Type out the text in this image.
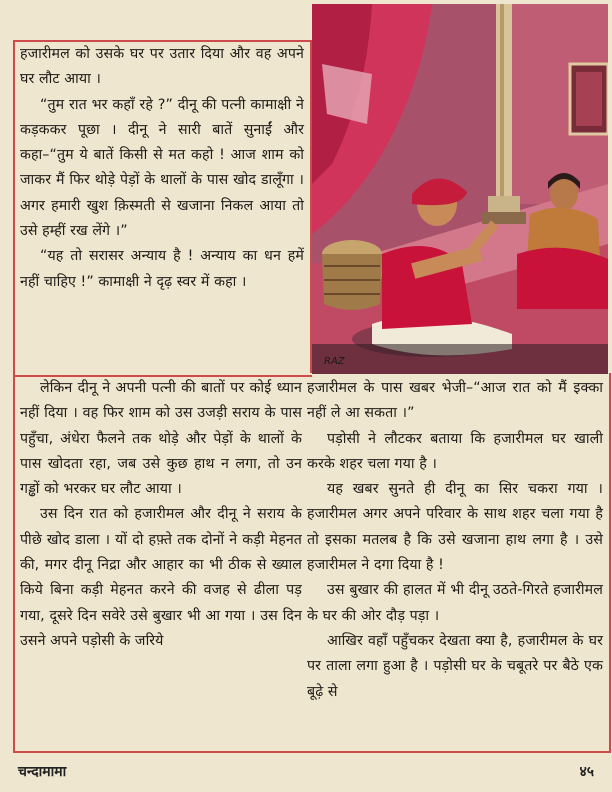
RAZ

हजारीमल को उसके घर पर उतार दिया और वह अपने घर लौट आया ।

“तुम रात भर कहाँ रहे ?” दीनू की पत्नी कामाक्षी ने कड़ककर पूछा । दीनू ने सारी बातें सुनाईं और कहा–“तुम ये बातें किसी से मत कहो ! आज शाम को जाकर मैं फिर थोड़े पेड़ों के थालों के पास खोद डालूँगा । अगर हमारी खुश क़िस्मती से खजाना निकल आया तो उसे हम्हीं रख लेंगे ।”

“यह तो सरासर अन्याय है ! अन्याय का धन हमें नहीं चाहिए !” कामाक्षी ने दृढ़ स्वर में कहा ।

लेकिन दीनू ने अपनी पत्नी की बातों पर कोई ध्यान नहीं दिया । वह फिर शाम को उस उजड़ी सराय के पास पहुँचा, अंधेरा फैलने तक थोड़े और पेड़ों के थालों के पास खोदता रहा, जब उसे कुछ हाथ न लगा, तो उन गड्ढों को भरकर घर लौट आया ।

उस दिन रात को हजारीमल और दीनू ने सराय के पीछे खोद डाला । यों दो हफ़्ते तक दोनों ने कड़ी मेहनत की, मगर दीनू निद्रा और आहार का भी ठीक से ख्याल किये बिना कड़ी मेहनत करने की वजह से ढीला पड़ गया, दूसरे दिन सवेरे उसे बुखार भी आ गया । उस दिन उसने अपने पड़ोसी के जरिये

हजारीमल के पास खबर भेजी–“आज रात को मैं इक्का नहीं ले आ सकता ।”

पड़ोसी ने लौटकर बताया कि हजारीमल घर खाली करके शहर चला गया है ।

यह खबर सुनते ही दीनू का सिर चकरा गया । हजारीमल अगर अपने परिवार के साथ शहर चला गया है तो इसका मतलब है कि उसे खजाना हाथ लगा है । उसे हजारीमल ने दगा दिया है !

उस बुखार की हालत में भी दीनू उठते-गिरते हजारीमल के घर की ओर दौड़ पड़ा ।

आखिर वहाँ पहुँचकर देखता क्या है, हजारीमल के घर पर ताला लगा हुआ है । पड़ोसी घर के चबूतरे पर बैठे एक बूढ़े से

चन्दामामा	४५
